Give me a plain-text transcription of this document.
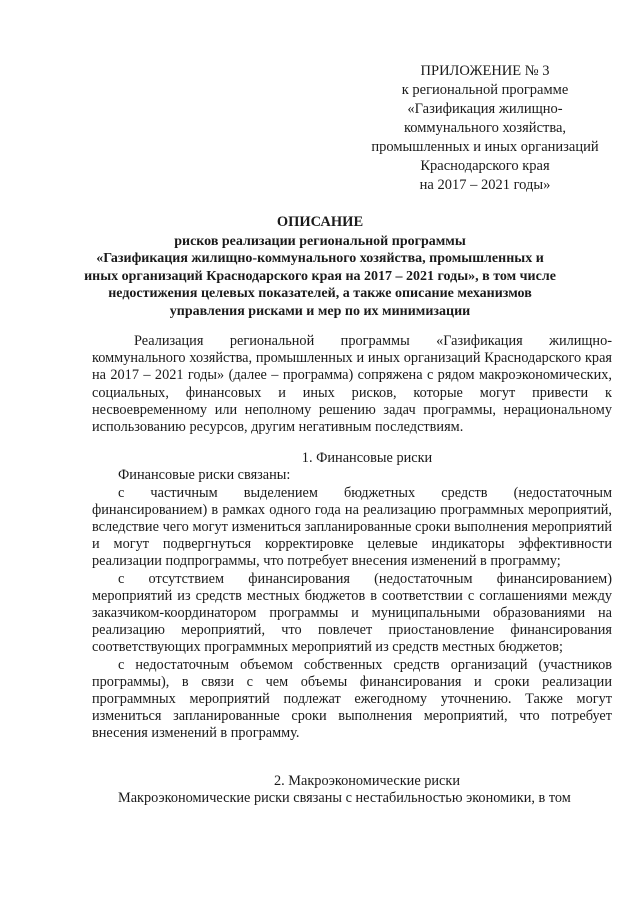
ПРИЛОЖЕНИЕ № 3
к региональной программе
«Газификация жилищно-
коммунального хозяйства,
промышленных и иных организаций
Краснодарского края
на 2017 – 2021 годы»
ОПИСАНИЕ
рисков реализации региональной программы
«Газификация жилищно-коммунального хозяйства, промышленных и
иных организаций Краснодарского края на 2017 – 2021 годы», в том числе
недостижения целевых показателей, а также описание механизмов
управления рисками и мер по их минимизации

Реализация региональной программы «Газификация жилищно-коммунального хозяйства, промышленных и иных организаций Краснодарского края на 2017 – 2021 годы» (далее – программа) сопряжена с рядом макроэкономических, социальных, финансовых и иных рисков, которые могут привести к несвоевременному или неполному решению задач программы, нерациональному использованию ресурсов, другим негативным последствиям.

1. Финансовые риски

Финансовые риски связаны:

с частичным выделением бюджетных средств (недостаточным финансированием) в рамках одного года на реализацию программных мероприятий, вследствие чего могут измениться запланированные сроки выполнения мероприятий и могут подвергнуться корректировке целевые индикаторы эффективности реализации подпрограммы, что потребует внесения изменений в программу;

с отсутствием финансирования (недостаточным финансированием) мероприятий из средств местных бюджетов в соответствии с соглашениями между заказчиком-координатором программы и муниципальными образованиями на реализацию мероприятий, что повлечет приостановление финансирования соответствующих программных мероприятий из средств местных бюджетов;

с недостаточным объемом собственных средств организаций (участников программы), в связи с чем объемы финансирования и сроки реализации программных мероприятий подлежат ежегодному уточнению. Также могут измениться запланированные сроки выполнения мероприятий, что потребует внесения изменений в программу.

2. Макроэкономические риски

Макроэкономические риски связаны с нестабильностью экономики, в том
